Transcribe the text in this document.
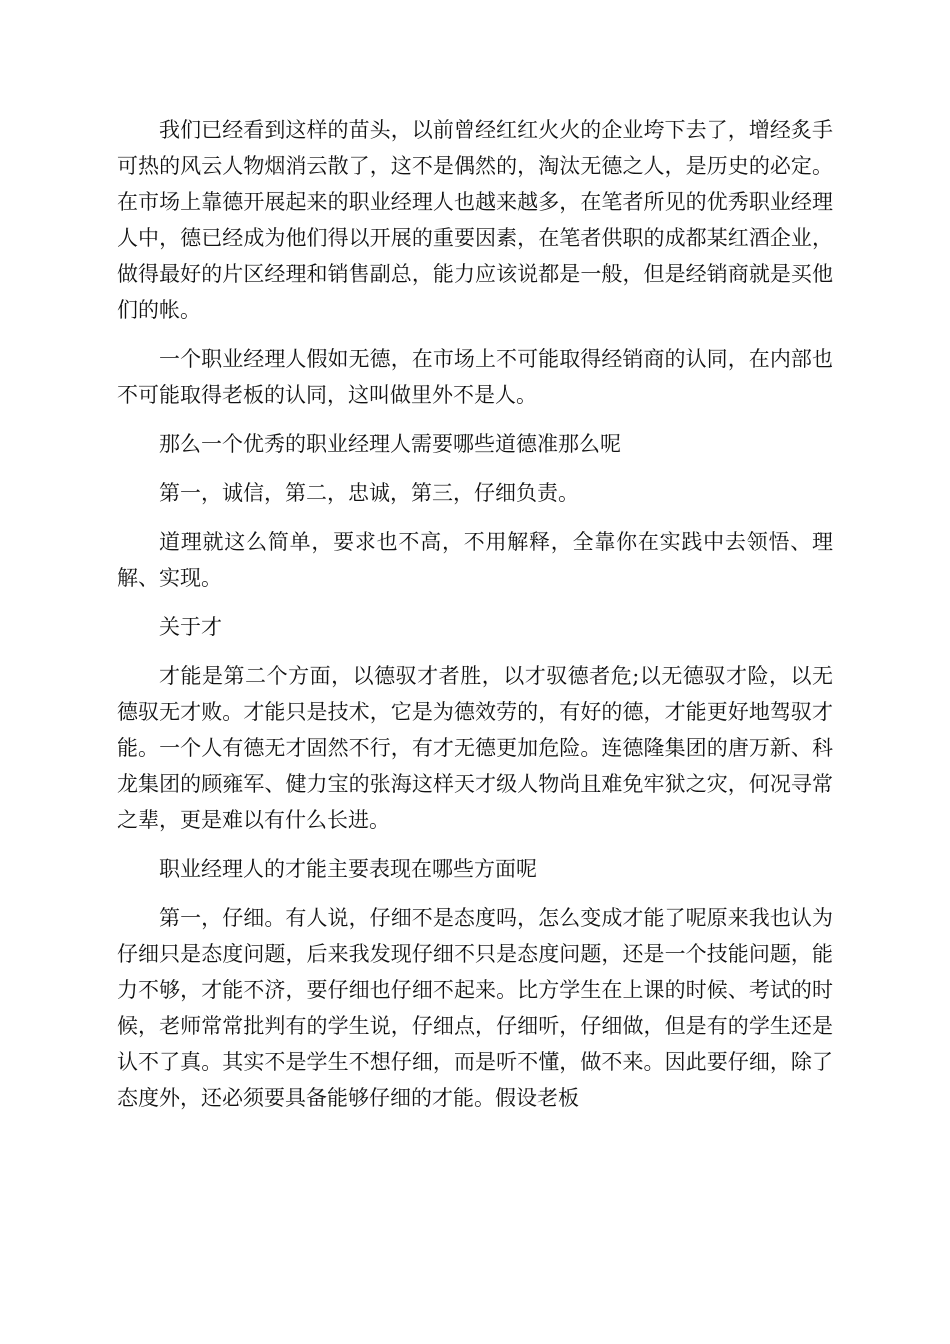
我们已经看到这样的苗头，以前曾经红红火火的企业垮下去了，增经炙手可热的风云人物烟消云散了，这不是偶然的，淘汰无德之人，是历史的必定。在市场上靠德开展起来的职业经理人也越来越多，在笔者所见的优秀职业经理人中，德已经成为他们得以开展的重要因素，在笔者供职的成都某红酒企业，做得最好的片区经理和销售副总，能力应该说都是一般，但是经销商就是买他们的帐。

一个职业经理人假如无德，在市场上不可能取得经销商的认同，在内部也不可能取得老板的认同，这叫做里外不是人。

那么一个优秀的职业经理人需要哪些道德准那么呢

第一，诚信，第二，忠诚，第三，仔细负责。

道理就这么简单，要求也不高，不用解释，全靠你在实践中去领悟、理解、实现。

关于才

才能是第二个方面，以德驭才者胜，以才驭德者危;以无德驭才险，以无德驭无才败。才能只是技术，它是为德效劳的，有好的德，才能更好地驾驭才能。一个人有德无才固然不行，有才无德更加危险。连德隆集团的唐万新、科龙集团的顾雍军、健力宝的张海这样天才级人物尚且难免牢狱之灾，何况寻常之辈，更是难以有什么长进。

职业经理人的才能主要表现在哪些方面呢

第一，仔细。有人说，仔细不是态度吗，怎么变成才能了呢原来我也认为仔细只是态度问题，后来我发现仔细不只是态度问题，还是一个技能问题，能力不够，才能不济，要仔细也仔细不起来。比方学生在上课的时候、考试的时候，老师常常批判有的学生说，仔细点，仔细听，仔细做，但是有的学生还是认不了真。其实不是学生不想仔细，而是听不懂，做不来。因此要仔细，除了态度外，还必须要具备能够仔细的才能。假设老板
